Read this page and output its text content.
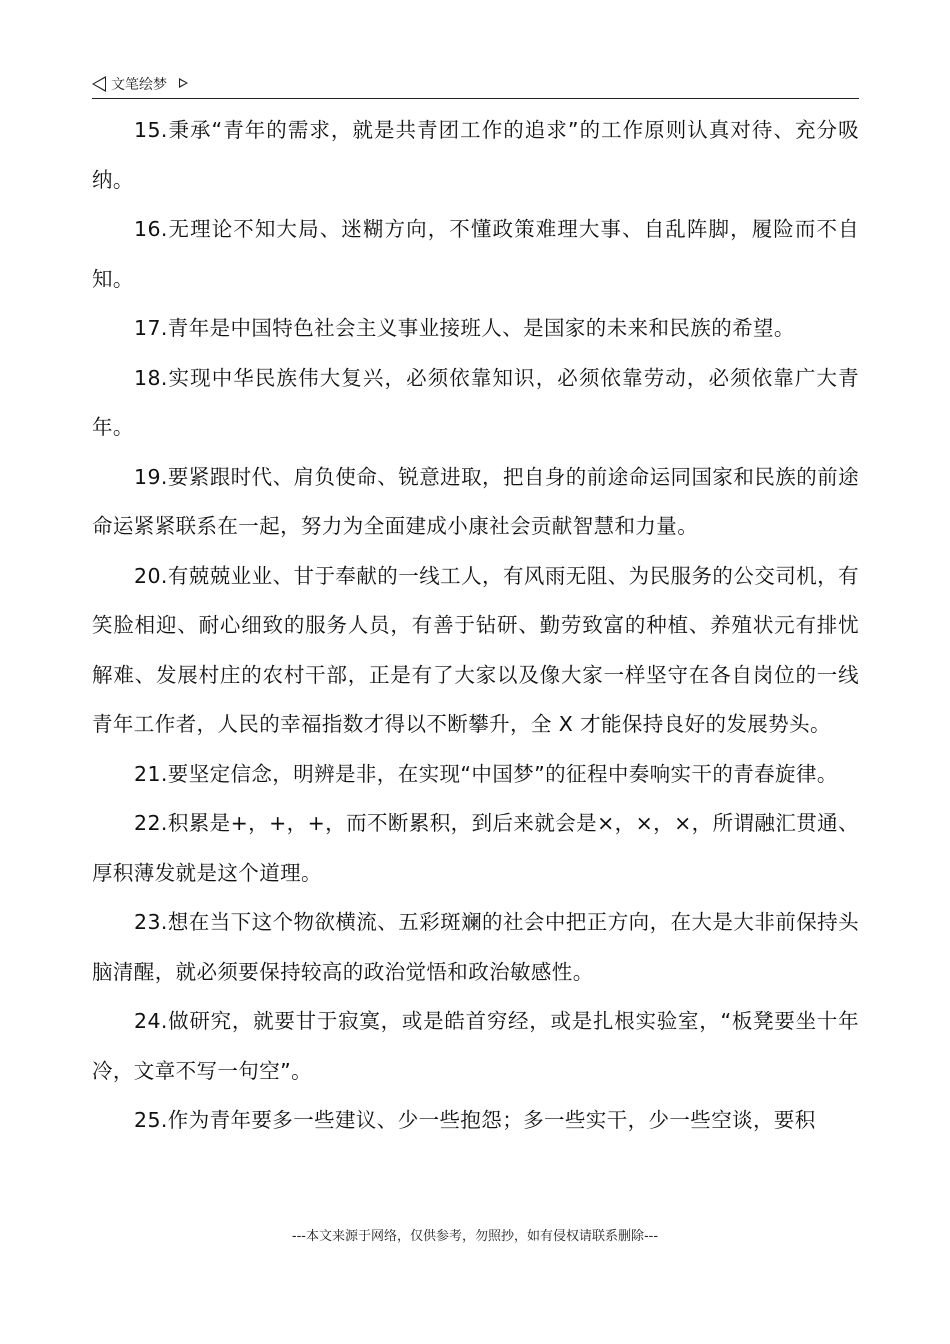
文笔绘梦

15.秉承“青年的需求，就是共青团工作的追求”的工作原则认真对待、充分吸纳。

16.无理论不知大局、迷糊方向，不懂政策难理大事、自乱阵脚，履险而不自知。

17.青年是中国特色社会主义事业接班人、是国家的未来和民族的希望。

18.实现中华民族伟大复兴，必须依靠知识，必须依靠劳动，必须依靠广大青年。

19.要紧跟时代、肩负使命、锐意进取，把自身的前途命运同国家和民族的前途命运紧紧联系在一起，努力为全面建成小康社会贡献智慧和力量。

20.有兢兢业业、甘于奉献的一线工人，有风雨无阻、为民服务的公交司机，有笑脸相迎、耐心细致的服务人员，有善于钻研、勤劳致富的种植、养殖状元有排忧解难、发展村庄的农村干部，正是有了大家以及像大家一样坚守在各自岗位的一线青年工作者，人民的幸福指数才得以不断攀升，全 X 才能保持良好的发展势头。

21.要坚定信念，明辨是非，在实现“中国梦”的征程中奏响实干的青春旋律。

22.积累是+，+，+，而不断累积，到后来就会是×，×，×，所谓融汇贯通、厚积薄发就是这个道理。

23.想在当下这个物欲横流、五彩斑斓的社会中把正方向，在大是大非前保持头脑清醒，就必须要保持较高的政治觉悟和政治敏感性。

24.做研究，就要甘于寂寞，或是皓首穷经，或是扎根实验室，“板凳要坐十年冷，文章不写一句空”。

25.作为青年要多一些建议、少一些抱怨；多一些实干，少一些空谈，要积

---本文来源于网络，仅供参考，勿照抄，如有侵权请联系删除---
